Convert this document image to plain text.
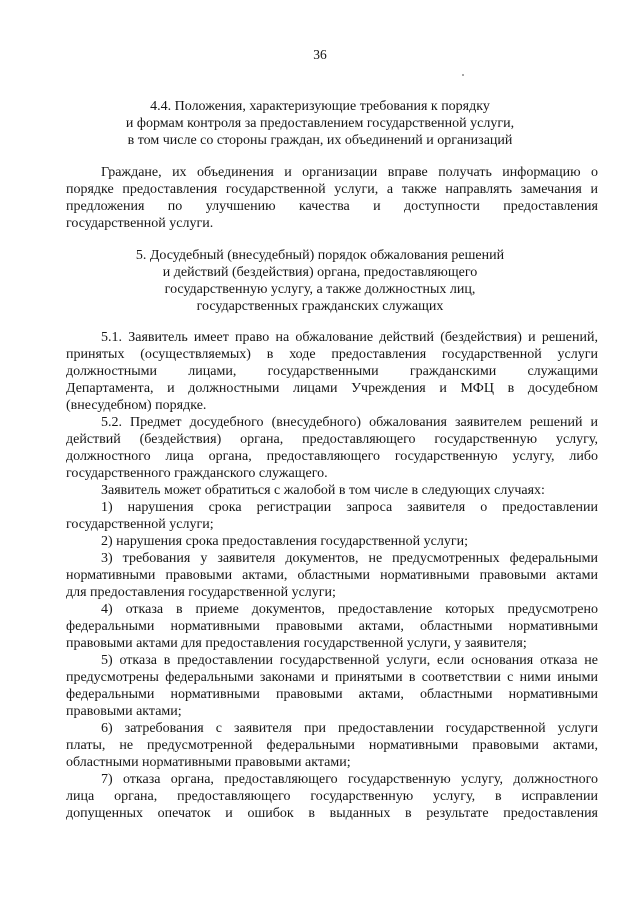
36
4.4. Положения, характеризующие требования к порядку
и формам контроля за предоставлением государственной услуги,
в том числе со стороны граждан, их объединений и организаций
Граждане, их объединения и организации вправе получать информацию о
порядке предоставления государственной услуги, а также направлять замечания и
предложения по улучшению качества и доступности предоставления
государственной услуги.
5. Досудебный (внесудебный) порядок обжалования решений
и действий (бездействия) органа, предоставляющего
государственную услугу, а также должностных лиц,
государственных гражданских служащих
5.1. Заявитель имеет право на обжалование действий (бездействия) и решений,
принятых (осуществляемых) в ходе предоставления государственной услуги
должностными лицами, государственными гражданскими служащими
Департамента, и должностными лицами Учреждения и МФЦ в досудебном
(внесудебном) порядке.
5.2. Предмет досудебного (внесудебного) обжалования заявителем решений и
действий (бездействия) органа, предоставляющего государственную услугу,
должностного лица органа, предоставляющего государственную услугу, либо
государственного гражданского служащего.
Заявитель может обратиться с жалобой в том числе в следующих случаях:
1) нарушения срока регистрации запроса заявителя о предоставлении
государственной услуги;
2) нарушения срока предоставления государственной услуги;
3) требования у заявителя документов, не предусмотренных федеральными
нормативными правовыми актами, областными нормативными правовыми актами
для предоставления государственной услуги;
4) отказа в приеме документов, предоставление которых предусмотрено
федеральными нормативными правовыми актами, областными нормативными
правовыми актами для предоставления государственной услуги, у заявителя;
5) отказа в предоставлении государственной услуги, если основания отказа не
предусмотрены федеральными законами и принятыми в соответствии с ними иными
федеральными нормативными правовыми актами, областными нормативными
правовыми актами;
6) затребования с заявителя при предоставлении государственной услуги
платы, не предусмотренной федеральными нормативными правовыми актами,
областными нормативными правовыми актами;
7) отказа органа, предоставляющего государственную услугу, должностного
лица органа, предоставляющего государственную услугу, в исправлении
допущенных опечаток и ошибок в выданных в результате предоставления
